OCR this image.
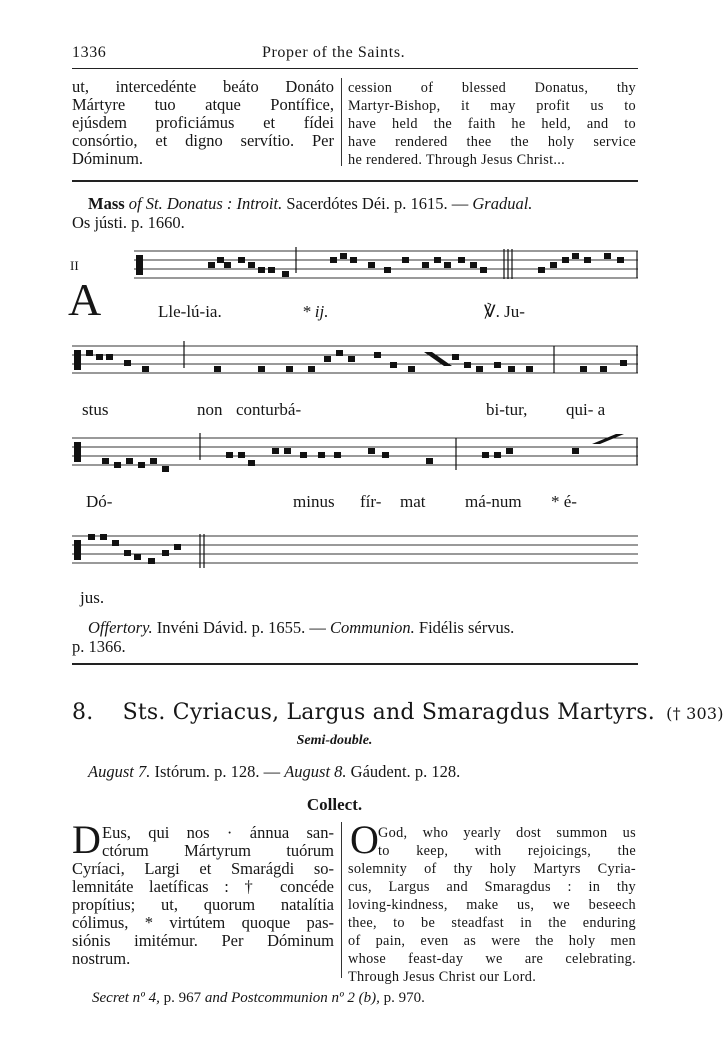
1336	Proper of the Saints.
ut, intercedénte beáto Donáto
Mártyre tuo atque Pontífice,
ejúsdem proficiámus et fídei
consórtio, et digno servítio. Per
Dóminum.
cession of blessed Donatus, thy
Martyr-Bishop, it may profit us to
have held the faith he held, and to
have rendered thee the holy service
he rendered. Through Jesus Christ...
Mass of St. Donatus : Introit. Sacerdótes Déi. p. 1615. — Gradual.
Os jústi. p. 1660.
II
A	Lle-lú-ia.	* ij.	℣. Ju-
stus	non conturbá-	bi-tur, qui- a
Dó-	minus fír- mat má-num * é-
jus.
Offertory. Invéni Dávid. p. 1655. — Communion. Fidélis sérvus.
p. 1366.
8. Sts. Cyriacus, Largus and Smaragdus Martyrs. († 303)
Semi-double.
August 7. Istórum. p. 128. — August 8. Gáudent. p. 128.
Collect.
D Eus, qui nos · ánnua san-
ctórum Mártyrum tuórum
Cyríaci, Largi et Smarágdi so-
lemnitáte laetíficas : † concéde
propítius; ut, quorum natalítia
cólimus, * virtútem quoque pas-
siónis imitémur. Per Dóminum
nostrum.
O God, who yearly dost summon us
to keep, with rejoicings, the
solemnity of thy holy Martyrs Cyria-
cus, Largus and Smaragdus : in thy
loving-kindness, make us, we beseech
thee, to be steadfast in the enduring
of pain, even as were the holy men
whose feast-day we are celebrating.
Through Jesus Christ our Lord.
Secret nº 4, p. 967 and Postcommunion nº 2 (b), p. 970.
